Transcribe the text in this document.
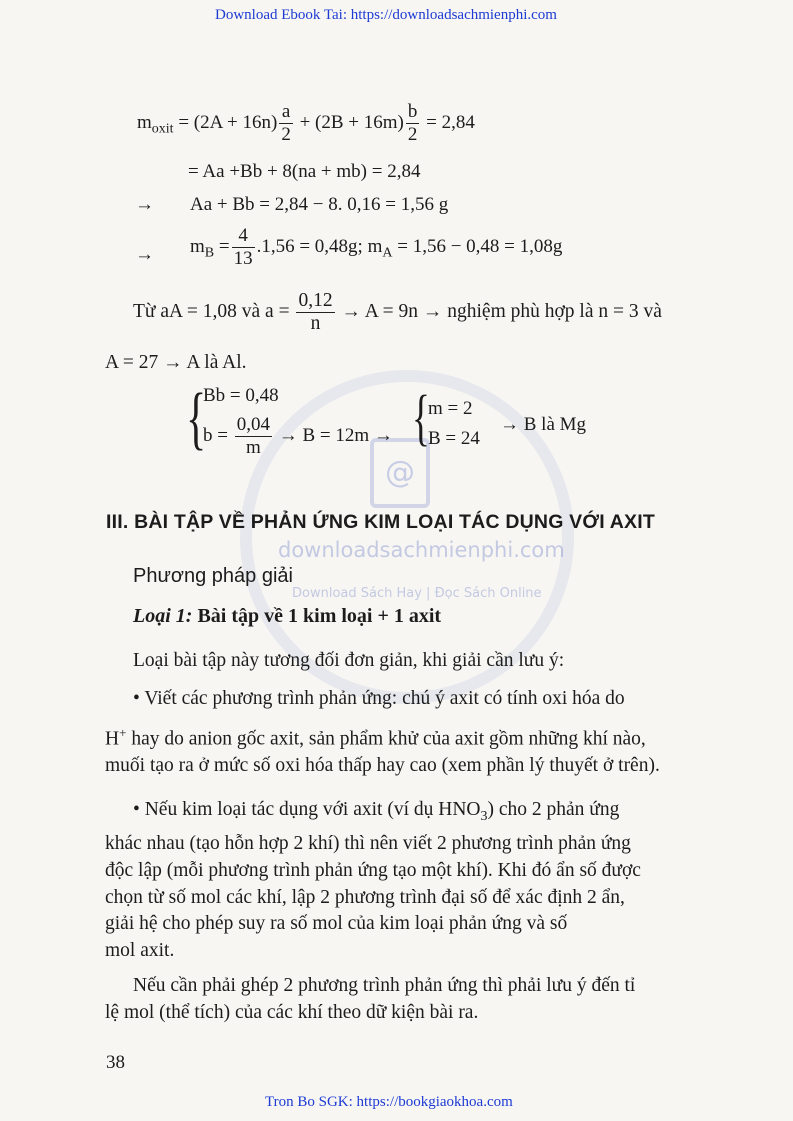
@
downloadsachmienphi.com
Download Sách Hay | Đọc Sách Online
Download Ebook Tai: https://downloadsachmienphi.com
$m_{oxit} = (2A + 16n) \frac{a}{2} + (2B + 16m) \frac{b}{2} = 2,84$
= Aa +Bb + 8(na + mb) = 2,84
→ Aa + Bb = 2,84 − 8. 0,16 = 1,56 g
→ $m_B = \frac{4}{13} .1,56 = 0,48g$; $m_A = 1,56 - 0,48 = 1,08g$
Từ aA = 1,08 và $a = \frac{0,12}{n} \to A = 9n$ → nghiệm phù hợp là n = 3 và
A = 27 → A là Al.
{
Bb = 0,48
$b = \frac{0,04}{m} \to B = 12m$ → {
m = 2
B = 24
→ B là Mg
III. BÀI TẬP VỀ PHẢN ỨNG KIM LOẠI TÁC DỤNG VỚI AXIT
Phương pháp giải
Loại 1: Bài tập về 1 kim loại + 1 axit
Loại bài tập này tương đối đơn giản, khi giải cần lưu ý:
• Viết các phương trình phản ứng: chú ý axit có tính oxi hóa do
H+ hay do anion gốc axit, sản phẩm khử của axit gồm những khí nào,
muối tạo ra ở mức số oxi hóa thấp hay cao (xem phần lý thuyết ở trên).
• Nếu kim loại tác dụng với axit (ví dụ $HNO_3$) cho 2 phản ứng
khác nhau (tạo hỗn hợp 2 khí) thì nên viết 2 phương trình phản ứng
độc lập (mỗi phương trình phản ứng tạo một khí). Khi đó ẩn số được
chọn từ số mol các khí, lập 2 phương trình đại số để xác định 2 ẩn,
giải hệ cho phép suy ra số mol của kim loại phản ứng và số
mol axit.
Nếu cần phải ghép 2 phương trình phản ứng thì phải lưu ý đến tỉ
lệ mol (thể tích) của các khí theo dữ kiện bài ra.
38
Tron Bo SGK: https://bookgiaokhoa.com
